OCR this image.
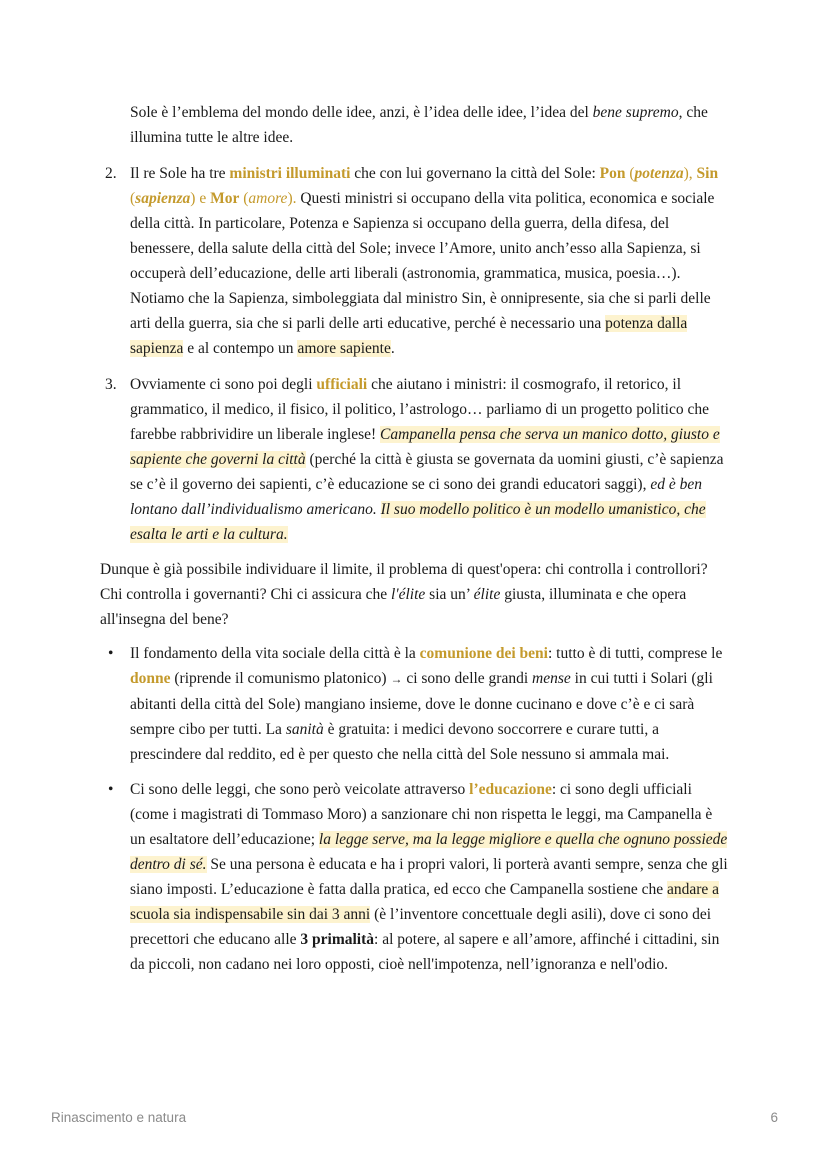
Sole è l’emblema del mondo delle idee, anzi, è l’idea delle idee, l’idea del bene supremo, che illumina tutte le altre idee.

2. Il re Sole ha tre ministri illuminati che con lui governano la città del Sole: Pon (potenza), Sin (sapienza) e Mor (amore). Questi ministri si occupano della vita politica, economica e sociale della città. In particolare, Potenza e Sapienza si occupano della guerra, della difesa, del benessere, della salute della città del Sole; invece l’Amore, unito anch’esso alla Sapienza, si occuperà dell’educazione, delle arti liberali (astronomia, grammatica, musica, poesia…). Notiamo che la Sapienza, simboleggiata dal ministro Sin, è onnipresente, sia che si parli delle arti della guerra, sia che si parli delle arti educative, perché è necessario una potenza dalla sapienza e al contempo un amore sapiente.
3. Ovviamente ci sono poi degli ufficiali che aiutano i ministri: il cosmografo, il retorico, il grammatico, il medico, il fisico, il politico, l’astrologo… parliamo di un progetto politico che farebbe rabbrividire un liberale inglese! Campanella pensa che serva un manico dotto, giusto e sapiente che governi la città (perché la città è giusta se governata da uomini giusti, c’è sapienza se c’è il governo dei sapienti, c’è educazione se ci sono dei grandi educatori saggi), ed è ben lontano dall’individualismo americano. Il suo modello politico è un modello umanistico, che esalta le arti e la cultura.

Dunque è già possibile individuare il limite, il problema di quest'opera: chi controlla i controllori? Chi controlla i governanti? Chi ci assicura che l'élite sia un’ élite giusta, illuminata e che opera all'insegna del bene?

• Il fondamento della vita sociale della città è la comunione dei beni: tutto è di tutti, comprese le donne (riprende il comunismo platonico) → ci sono delle grandi mense in cui tutti i Solari (gli abitanti della città del Sole) mangiano insieme, dove le donne cucinano e dove c’è e ci sarà sempre cibo per tutti. La sanità è gratuita: i medici devono soccorrere e curare tutti, a prescindere dal reddito, ed è per questo che nella città del Sole nessuno si ammala mai.
• Ci sono delle leggi, che sono però veicolate attraverso l’educazione: ci sono degli ufficiali (come i magistrati di Tommaso Moro) a sanzionare chi non rispetta le leggi, ma Campanella è un esaltatore dell’educazione; la legge serve, ma la legge migliore e quella che ognuno possiede dentro di sé. Se una persona è educata e ha i propri valori, li porterà avanti sempre, senza che gli siano imposti. L’educazione è fatta dalla pratica, ed ecco che Campanella sostiene che andare a scuola sia indispensabile sin dai 3 anni (è l’inventore concettuale degli asili), dove ci sono dei precettori che educano alle 3 primalità: al potere, al sapere e all’amore, affinché i cittadini, sin da piccoli, non cadano nei loro opposti, cioè nell'impotenza, nell’ignoranza e nell'odio.
Rinascimento e natura	6
